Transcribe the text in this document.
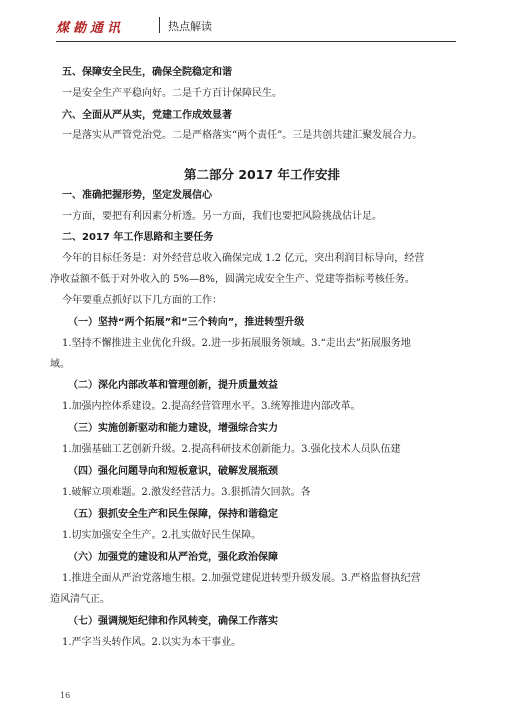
煤勘通讯	热点解读
五、保障安全民生，确保全院稳定和谐
一是安全生产平稳向好。二是千方百计保障民生。
六、全面从严从实，党建工作成效显著
一是落实从严管党治党。二是严格落实“两个责任”。三是共创共建汇聚发展合力。
第二部分 2017 年工作安排
一、准确把握形势，坚定发展信心
一方面，要把有利因素分析透。另一方面，我们也要把风险挑战估计足。
二、2017 年工作思路和主要任务
今年的目标任务是：对外经营总收入确保完成 1.2 亿元，突出利润目标导向，经营
净收益额不低于对外收入的 5%—8%，圆满完成安全生产、党建等指标考核任务。
今年要重点抓好以下几方面的工作：
（一）坚持“两个拓展”和“三个转向”，推进转型升级
1.坚持不懈推进主业优化升级。2.进一步拓展服务领域。3.“走出去”拓展服务地
域。
（二）深化内部改革和管理创新，提升质量效益
1.加强内控体系建设。2.提高经营管理水平。3.统筹推进内部改革。
（三）实施创新驱动和能力建设，增强综合实力
1.加强基础工艺创新升级。2.提高科研技术创新能力。3.强化技术人员队伍建
（四）强化问题导向和短板意识，破解发展瓶颈
1.破解立项难题。2.激发经营活力。3.狠抓清欠回款。各
（五）狠抓安全生产和民生保障，保持和谐稳定
1.切实加强安全生产。2.扎实做好民生保障。
（六）加强党的建设和从严治党，强化政治保障
1.推进全面从严治党落地生根。2.加强党建促进转型升级发展。3.严格监督执纪营
造风清气正。
（七）强调规矩纪律和作风转变，确保工作落实
1.严字当头转作风。2.以实为本干事业。
16
